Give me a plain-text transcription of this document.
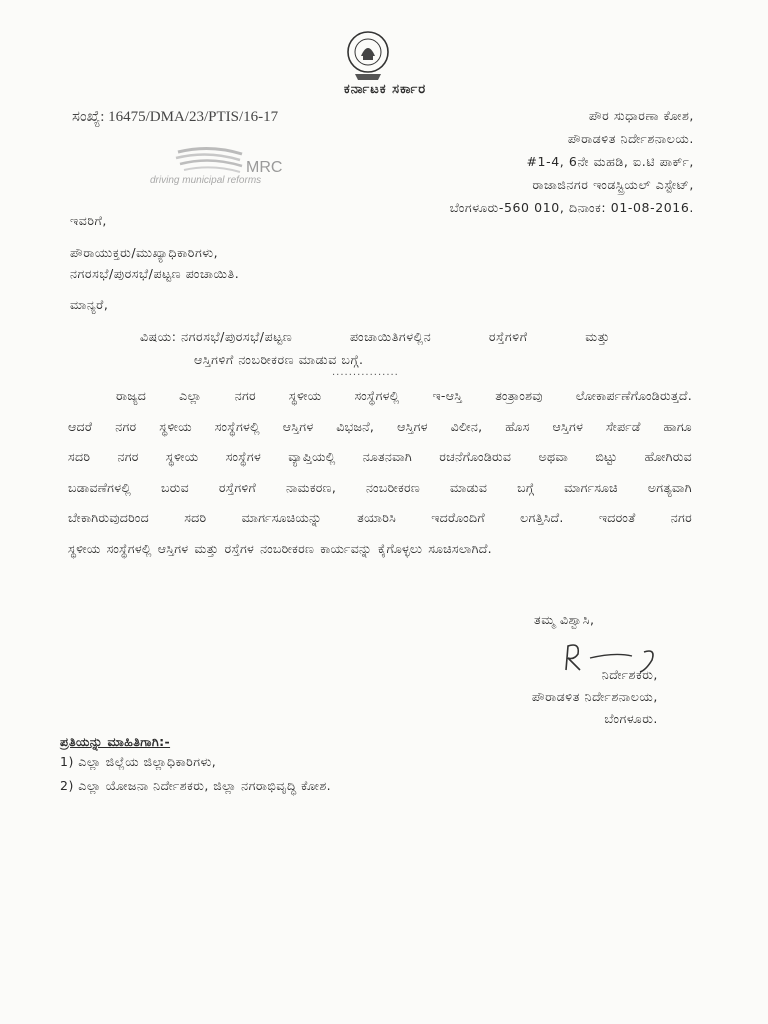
ಕರ್ನಾಟಕ ಸರ್ಕಾರ
ಸಂಖ್ಯೆ: 16475/DMA/23/PTIS/16-17	ಪೌರ ಸುಧಾರಣಾ ಕೋಶ,
ಪೌರಾಡಳಿತ ನಿರ್ದೇಶನಾಲಯ.
#1-4, 6ನೇ ಮಹಡಿ, ಐ.ಟಿ ಪಾರ್ಕ್,
ರಾಜಾಜಿನಗರ ಇಂಡಸ್ಟ್ರಿಯಲ್ ಎಸ್ಟೇಟ್,
ಬೆಂಗಳೂರು-560 010, ದಿನಾಂಕ: 01-08-2016.
MRC
driving municipal reforms
ಇವರಿಗೆ,
ಪೌರಾಯುಕ್ತರು/ಮುಖ್ಯಾಧಿಕಾರಿಗಳು,
ನಗರಸಭೆ/ಪುರಸಭೆ/ಪಟ್ಟಣ ಪಂಚಾಯಿತಿ.
ಮಾನ್ಯರೆ,
ವಿಷಯ: ನಗರಸಭೆ/ಪುರಸಭೆ/ಪಟ್ಟಣ	ಪಂಚಾಯಿತಿಗಳಲ್ಲಿನ	ರಸ್ತೆಗಳಿಗೆ	ಮತ್ತು
ಆಸ್ತಿಗಳಿಗೆ ನಂಬರೀಕರಣ ಮಾಡುವ ಬಗ್ಗೆ.
................
ರಾಜ್ಯದ	ಎಲ್ಲಾ	ನಗರ	ಸ್ಥಳೀಯ	ಸಂಸ್ಥೆಗಳಲ್ಲಿ	ಇ-ಆಸ್ತಿ	ತಂತ್ರಾಂಶವು	ಲೋಕಾರ್ಪಣೆಗೊಂಡಿರುತ್ತದೆ.
ಆದರೆ ನಗರ ಸ್ಥಳೀಯ ಸಂಸ್ಥೆಗಳಲ್ಲಿ ಆಸ್ತಿಗಳ ವಿಭಜನೆ, ಆಸ್ತಿಗಳ ವಿಲೀನ, ಹೊಸ ಆಸ್ತಿಗಳ ಸೇರ್ಪಡೆ ಹಾಗೂ
ಸದರಿ ನಗರ ಸ್ಥಳೀಯ ಸಂಸ್ಥೆಗಳ ವ್ಯಾಪ್ತಿಯಲ್ಲಿ ನೂತನವಾಗಿ ರಚನೆಗೊಂಡಿರುವ ಅಥವಾ ಬಿಟ್ಟು ಹೋಗಿರುವ
ಬಡಾವಣೆಗಳಲ್ಲಿ ಬರುವ ರಸ್ತೆಗಳಿಗೆ ನಾಮಕರಣ, ನಂಬರೀಕರಣ ಮಾಡುವ ಬಗ್ಗೆ ಮಾರ್ಗಸೂಚಿ ಅಗತ್ಯವಾಗಿ
ಬೇಕಾಗಿರುವುದರಿಂದ	ಸದರಿ	ಮಾರ್ಗಸೂಚಿಯನ್ನು	ತಯಾರಿಸಿ	ಇದರೊಂದಿಗೆ	ಲಗತ್ತಿಸಿದೆ.	ಇದರಂತೆ	ನಗರ
ಸ್ಥಳೀಯ ಸಂಸ್ಥೆಗಳಲ್ಲಿ ಆಸ್ತಿಗಳ ಮತ್ತು ರಸ್ತೆಗಳ ನಂಬರೀಕರಣ ಕಾರ್ಯವನ್ನು ಕೈಗೊಳ್ಳಲು ಸೂಚಿಸಲಾಗಿದೆ.
ತಮ್ಮ ವಿಶ್ವಾಸಿ,
ನಿರ್ದೇಶಕರು,
ಪೌರಾಡಳಿತ ನಿರ್ದೇಶನಾಲಯ,
ಬೆಂಗಳೂರು.
ಪ್ರತಿಯನ್ನು ಮಾಹಿತಿಗಾಗಿ:-
1) ಎಲ್ಲಾ ಜಿಲ್ಲೆಯ ಜಿಲ್ಲಾಧಿಕಾರಿಗಳು,
2) ಎಲ್ಲಾ ಯೋಜನಾ ನಿರ್ದೇಶಕರು, ಜಿಲ್ಲಾ ನಗರಾಭಿವೃದ್ಧಿ ಕೋಶ.
